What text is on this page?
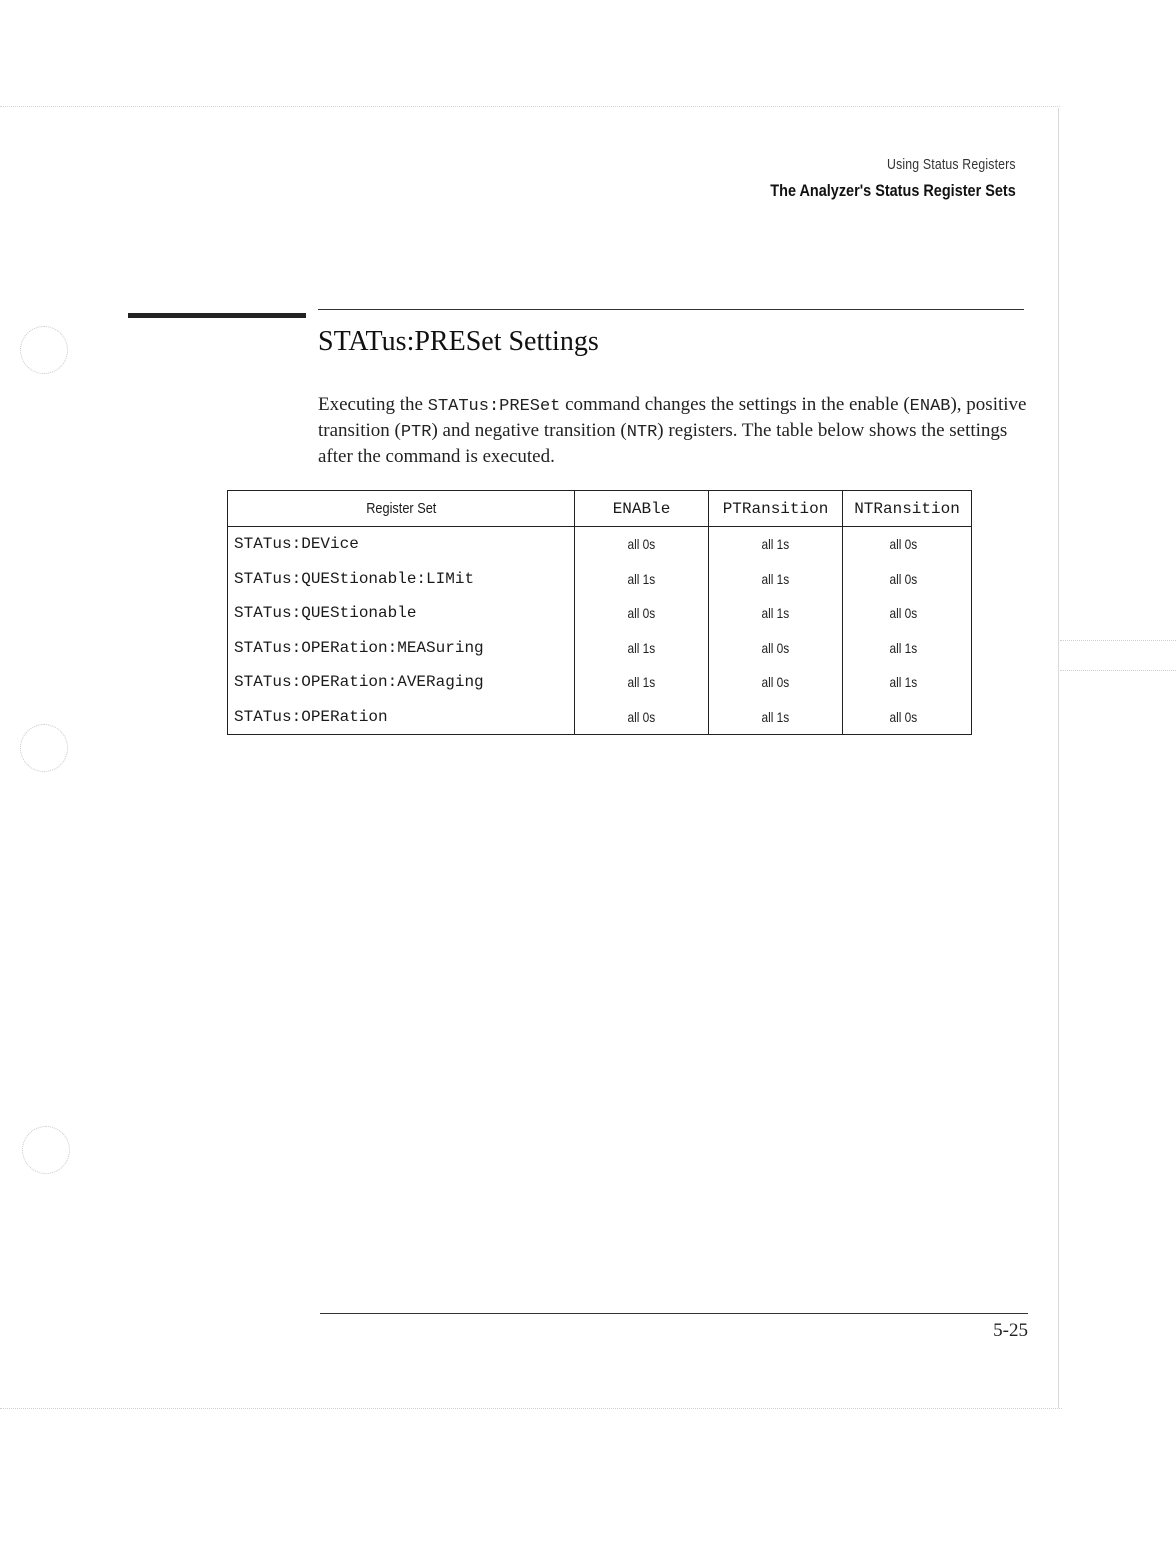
Using Status Registers
The Analyzer's Status Register Sets
STATus:PRESet Settings

Executing the STATus:PRESet command changes the settings in the enable (ENAB), positive transition (PTR) and negative transition (NTR) registers. The table below shows the settings after the command is executed.

Register Set	ENABle	PTRansition	NTRansition
STATus:DEVice	all 0s	all 1s	all 0s
STATus:QUEStionable:LIMit	all 1s	all 1s	all 0s
STATus:QUEStionable	all 0s	all 1s	all 0s
STATus:OPERation:MEASuring	all 1s	all 0s	all 1s
STATus:OPERation:AVERaging	all 1s	all 0s	all 1s
STATus:OPERation	all 0s	all 1s	all 0s
5-25
